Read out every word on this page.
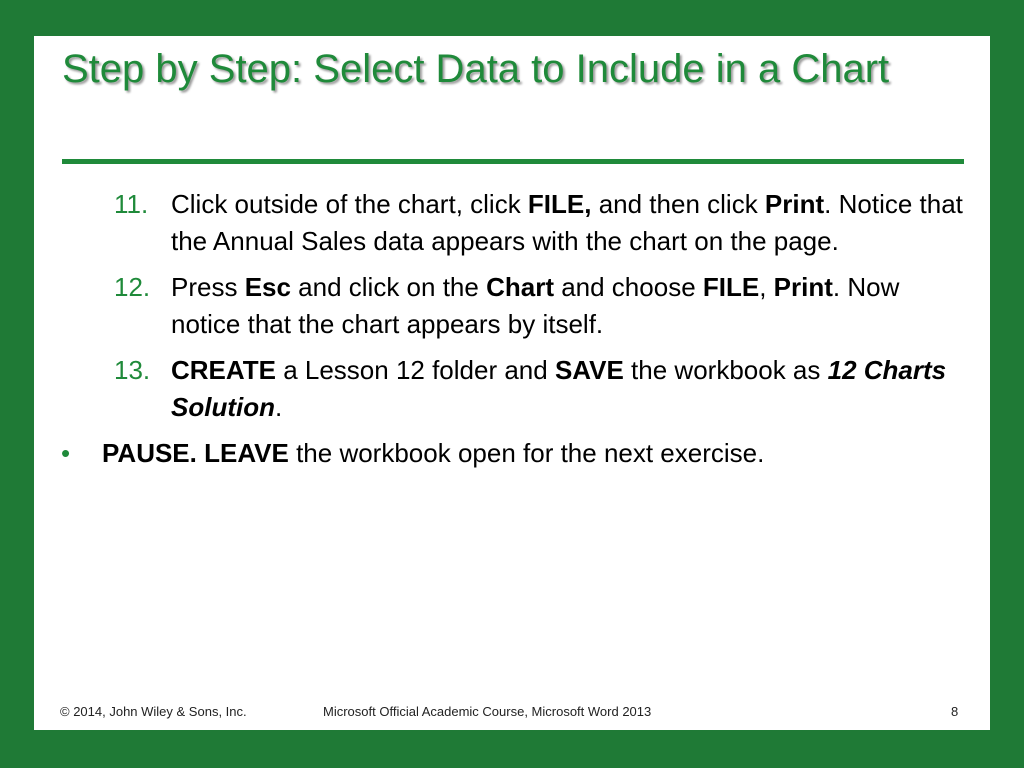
Step by Step: Select Data to Include in a Chart
11. Click outside of the chart, click FILE, and then click Print. Notice that the Annual Sales data appears with the chart on the page.
12. Press Esc and click on the Chart and choose FILE, Print. Now notice that the chart appears by itself.
13. CREATE a Lesson 12 folder and SAVE the workbook as 12 Charts Solution.
• PAUSE. LEAVE the workbook open for the next exercise.
© 2014, John Wiley & Sons, Inc.	Microsoft Official Academic Course, Microsoft Word 2013	8
